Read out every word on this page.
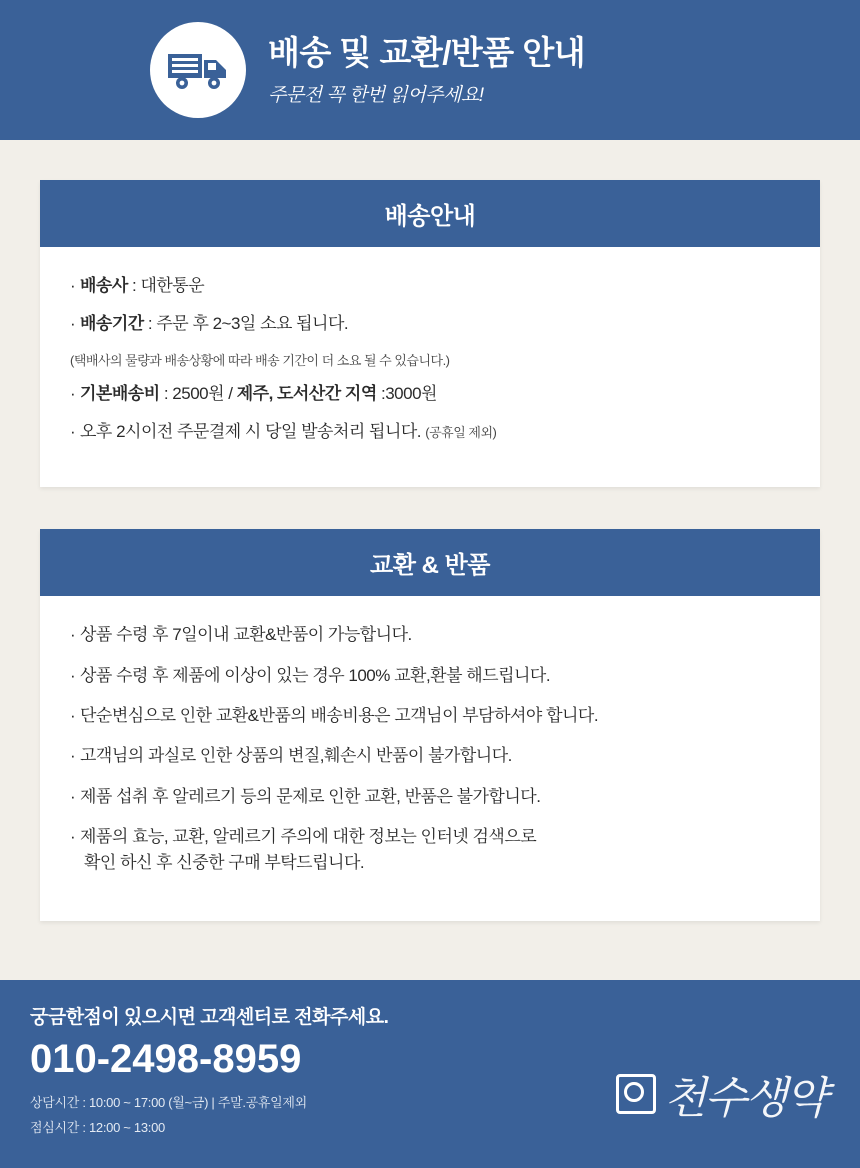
배송 및 교환/반품 안내
주문전 꼭 한번 읽어주세요!
배송안내
· 배송사 : 대한통운
· 배송기간 : 주문 후 2~3일 소요 됩니다.
(택배사의 물량과 배송상황에 따라 배송 기간이 더 소요 될 수 있습니다.)
· 기본배송비 : 2500원 / 제주, 도서산간 지역 :3000원
· 오후 2시이전 주문결제 시 당일 발송처리 됩니다. (공휴일 제외)
교환 & 반품
· 상품 수령 후 7일이내 교환&반품이 가능합니다.
· 상품 수령 후 제품에 이상이 있는 경우 100% 교환,환불 해드립니다.
· 단순변심으로 인한 교환&반품의 배송비용은 고객님이 부담하셔야 합니다.
· 고객님의 과실로 인한 상품의 변질,훼손시 반품이 불가합니다.
· 제품 섭취 후 알레르기 등의 문제로 인한 교환, 반품은 불가합니다.
· 제품의 효능, 교환, 알레르기 주의에 대한 정보는 인터넷 검색으로
확인 하신 후 신중한 구매 부탁드립니다.
궁금한점이 있으시면 고객센터로 전화주세요.
010-2498-8959
상담시간 : 10:00 ~ 17:00 (월~금) | 주말.공휴일제외
점심시간 : 12:00 ~ 13:00
천수생약
